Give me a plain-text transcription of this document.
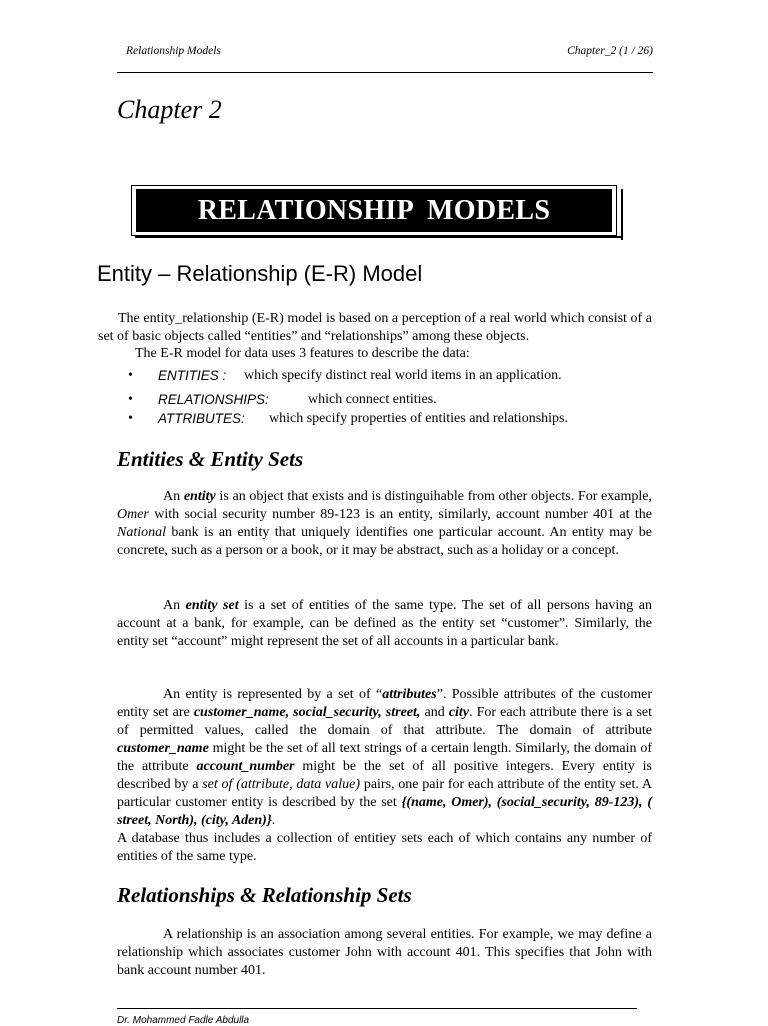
Relationship Models	Chapter_2 (1 / 26)
Chapter 2
RELATIONSHIP  MODELS
Entity – Relationship (E-R) Model

The entity_relationship (E-R) model is based on a perception of a real world which consist of a set of basic objects called “entities” and “relationships” among these objects.

The E-R model for data uses 3 features to describe the data:

• ENTITIES : which specify distinct real world items in an application.
• RELATIONSHIPS:	which connect entities.
• ATTRIBUTES: which specify properties of entities and relationships.
Entities & Entity Sets

An entity is an object that exists and is distinguihable from other objects. For example, Omer with social security number 89-123 is an entity, similarly, account number 401 at the National bank is an entity that uniquely identifies one particular account. An entity may be concrete, such as a person or a book, or it may be abstract, such as a holiday or a concept.

An entity set is a set of entities of the same type. The set of all persons having an account at a bank, for example, can be defined as the entity set “customer”. Similarly, the entity set “account” might represent the set of all accounts in a particular bank.

An entity is represented by a set of “attributes”. Possible attributes of the customer entity set are customer_name, social_security, street, and city. For each attribute there is a set of permitted values, called the domain of that attribute. The domain of attribute customer_name might be the set of all text strings of a certain length. Similarly, the domain of the attribute account_number might be the set of all positive integers. Every entity is described by a set of (attribute, data value) pairs, one pair for each attribute of the entity set. A particular customer entity is described by the set {(name, Omer), (social_security, 89-123), ( street, North), (city, Aden)}.

A database thus includes a collection of entitiey sets each of which contains any number of entities of the same type.

Relationships & Relationship Sets

A relationship is an association among several entities. For example, we may define a relationship which associates customer John with account 401. This specifies that John with bank account number 401.

Dr. Mohammed Fadle Abdulla
